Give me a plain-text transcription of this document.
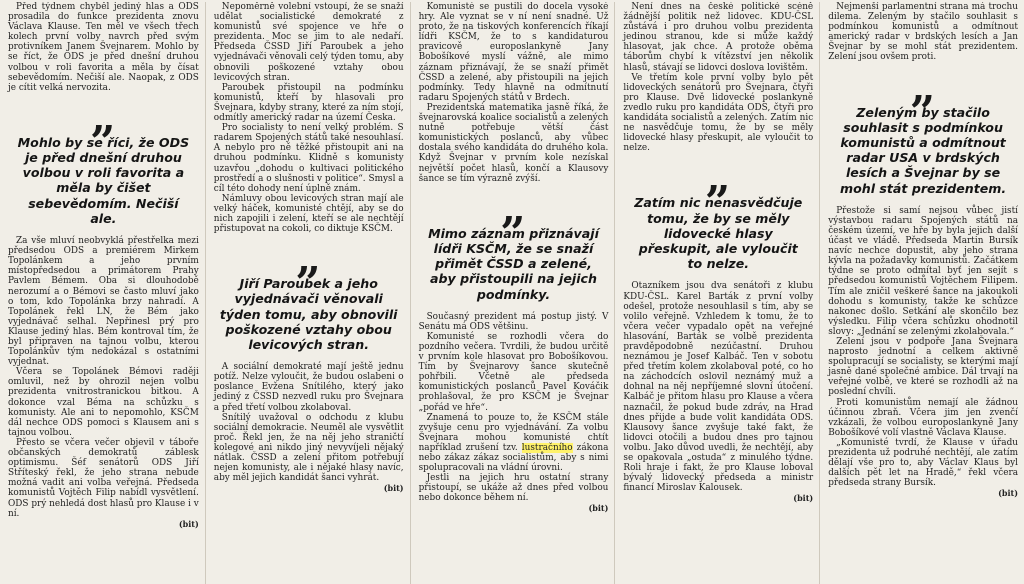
Před týdnem chyběl jediný hlas a ODS prosadila do funkce prezidenta znovu Václava Klause. Ten měl ve všech třech kolech první volby navrch před svým protivníkem Janem Švejnarem. Mohlo by se říct, že ODS je před dnešní druhou volbou v roli favorita a měla by čísat sebevědomím. Nečiší ale. Naopak, z ODS je cítit velká nervozita.

„
Mohlo by se říci, že ODS je před dnešní druhou volbou v roli favorita a měla by čišet sebevědomím. Nečiší ale.

Za vše mluví neobvyklá přestřelka mezi předsedou ODS a premiérem Mirkem Topolánkem a jeho prvním místopředsedou a primátorem Prahy Pavlem Bémem. Oba si dlouhodobě nerozumí a o Bémovi se často mluví jako o tom, kdo Topolánka brzy nahradí. A Topolánek řekl LN, že Bém jako vyjednávač selhal. Nepřinesl prý pro Klause jediný hlas. Bém kontroval tím, že byl připraven na tajnou volbu, kterou Topolánkův tým nedokázal s ostatními vyjednat.

Včera se Topolánek Bémovi raději omluvil, než by ohrozil nejen volbu prezidenta vnitrostranickou bitkou. A dokonce vzal Béma na schůzku s komunisty. Ale ani to nepomohlo, KSČM dál nechce ODS pomoci s Klausem ani s tajnou volbou.

Přesto se včera večer objevil v táboře občanských demokratů záblesk optimismu. Šéf senátorů ODS Jiří Stříteský řekl, že jeho strana nebude možná vadit ani volba veřejná. Předseda komunistů Vojtěch Filip nabídl vysvětlení. ODS prý nehledá dost hlasů pro Klause i v ní.

(bit)

Nepoměrně volební vstoupí, že se snaží udělat socialistické demokraté z komunistů své spojence ve hře o prezidenta. Moc se jim to ale nedaří. Předseda ČSSD Jiří Paroubek a jeho vyjednávači věnovali celý týden tomu, aby obnovili poškozené vztahy obou levicových stran.

Paroubek přistoupil na podmínku komunistů, kteří by hlasovali pro Švejnara, kdyby strany, které za ním stojí, odmítly americký radar na území Česka.

Pro socialisty to není velký problém. S radarem Spojených států také nesouhlasí. A nebylo pro ně těžké přistoupit ani na druhou podmínku. Klidně s komunisty uzavřou „dohodu o kultivaci politického prostředí a o slušnosti v politice“. Smysl a cíl této dohody není úplně znám.

Námluvy obou levicových stran mají ale velký háček, komunisté chtějí, aby se do nich zapojili i zelení, kteří se ale nechtějí přistupovat na cokoli, co diktuje KSČM.

„
Jiří Paroubek a jeho vyjednávači věnovali týden tomu, aby obnovili poškozené vztahy obou levicových stran.

A sociální demokraté mají ještě jednu potíž. Nelze vyloučit, že budou oslabeni o poslance Evžena Snítilého, který jako jediný z ČSSD nezvedl ruku pro Švejnara a před třetí volbou zkolaboval.

Snítilý uvažoval o odchodu z klubu sociální demokracie. Neuměl ale vysvětlit proč. Řekl jen, že na něj jeho straničtí kolegové ani nikdo jiný nevyvíjeli nějaký nátlak. ČSSD a zelení přitom potřebují nejen komunisty, ale i nějaké hlasy navíc, aby měl jejich kandidát šanci vyhrát.

(bit)

Komunisté se pustili do docela vysoké hry. Ale vyznat se v ní není snadné. Už proto, že na tiskových konferencích říkají lídři KSČM, že to s kandidaturou pravicově europoslankyně Jany Bobošíkové myslí vážně, ale mimo záznam přiznávají, že se snaží přimět ČSSD a zelené, aby přistoupili na jejich podmínky. Tedy hlavně na odmítnutí radaru Spojených států v Brdech.

Prezidentská matematika jasně říká, že švejnarovská koalice socialistů a zelených nutně potřebuje větší část komunistických poslanců, aby vůbec dostala svého kandidáta do druhého kola. Když Švejnar v prvním kole nezískal největší počet hlasů, končí a Klausovy šance se tím výrazně zvýší.

„
Mimo záznam přiznávají lídři KSČM, že se snaží přimět ČSSD a zelené, aby přistoupili na jejich podmínky.

Současný prezident má postup jistý. V Senátu má ODS většinu.

Komunisté se rozhodli včera do pozdního večera. Tvrdili, že budou určitě v prvním kole hlasovat pro Bobošíkovou. Tím by Švejnarovy šance skutečně pohřbili. Včetně ale předseda komunistických poslanců Pavel Kováčik prohlašoval, že pro KSČM je Švejnar „pořád ve hře“.

Znamená to pouze to, že KSČM stále zvyšuje cenu pro vyjednávání. Za volbu Švejnara mohou komunisté chtít například zrušení tzv. lustračního zákona nebo zákaz zákaz socialistům, aby s nimi spolupracovali na vládní úrovni.

Jestli na jejich hru ostatní strany přistoupí, se ukáže až dnes před volbou nebo dokonce během ní.

(bit)

Není dnes na české politické scéně žádnější politik než lidovec. KDU-ČSL zůstává i pro druhou volbu prezidenta jedinou stranou, kde si může každý hlasovat, jak chce. A protože oběma táborům chybí k vítězství jen několik hlasů, stávají se lidovci doslova lovištěm.

Ve třetím kole první volby bylo pět lidoveckých senátorů pro Švejnara, čtyři pro Klause. Dvě lidovecké poslankyně zvedlo ruku pro kandidáta ODS, čtyři pro kandidáta socialistů a zelených. Zatím nic ne nasvědčuje tomu, že by se měly lidovecké hlasy přeskupit, ale vyloučit to nelze.

„
Zatím nic nenasvědčuje tomu, že by se měly lidovecké hlasy přeskupit, ale vyloučit to nelze.

Otazníkem jsou dva senátoři z klubu KDU-ČSL. Karel Barták z první volby odešel, protože nesouhlasil s tím, aby se volilo veřejně. Vzhledem k tomu, že to včera večer vypadalo opět na veřejné hlasování, Barták se volbě prezidenta pravděpodobně nezúčastní. Druhou neznámou je Josef Kalbáč. Ten v sobotu před třetím kolem zkolaboval poté, co ho na záchodcích oslovil neznámý muž a dohnal na něj nepříjemné slovní útočení. Kalbáč je přitom hlasu pro Klause a včera naznačil, že pokud bude zdráv, na Hrad dnes přijde a bude volit kandidáta ODS. Klausovy šance zvyšuje také fakt, že lidovci otočili a budou dnes pro tajnou volbu. Jako důvod uvedli, že nechtějí, aby se opakovala „ostuda“ z minulého týdne. Roli hraje i fakt, že pro Klause loboval bývalý lidovecký předseda a ministr financí Miroslav Kalousek.

(bit)

Nejmenší parlamentní strana má trochu dilema. Zeleným by stačilo souhlasit s podmínkou komunistů a odmítnout americký radar v brdských lesích a Jan Švejnar by se mohl stát prezidentem. Zelení jsou ovšem proti.

„
Zeleným by stačilo souhlasit s podmínkou komunistů a odmítnout radar USA v brdských lesích a Švejnar by se mohl stát prezidentem.

Přestože si samí nejsou vůbec jistí výstavbou radaru Spojených států na českém území, ve hře by byla jejich další účast ve vládě. Předseda Martin Bursík navíc nechce dopustit, aby jeho strana kývla na požadavky komunistů. Začátkem týdne se proto odmítal byť jen sejít s předsedou komunistů Vojtěchem Filipem. Tím ale zničil veškeré šance na jakoukoli dohodu s komunisty, takže ke schůzce nakonec došlo. Setkání ale skončilo bez výsledku. Filip včera schůzku ohodnotil slovy: „Jednání se zelenými zkolabovala.“

Zelení jsou v podpoře Jana Švejnara naprosto jednotní a celkem aktivně spolupracují se socialisty, se kterými mají jasně dané společné ambice. Dál trvají na veřejné volbě, ve které se rozhodli až na poslední chvíli.

Proti komunistům nemají ale žádnou účinnou zbraň. Včera jim jen zvenčí vzkázali, že volbou europoslankyně Jany Bobošíkové volí vlastně Václava Klause.

„Komunisté tvrdí, že Klause v úřadu prezidenta už podruhé nechtějí, ale zatím dělají vše pro to, aby Václav Klaus byl dalších pět let na Hradě,“ řekl včera předseda strany Bursík.

(bit)
